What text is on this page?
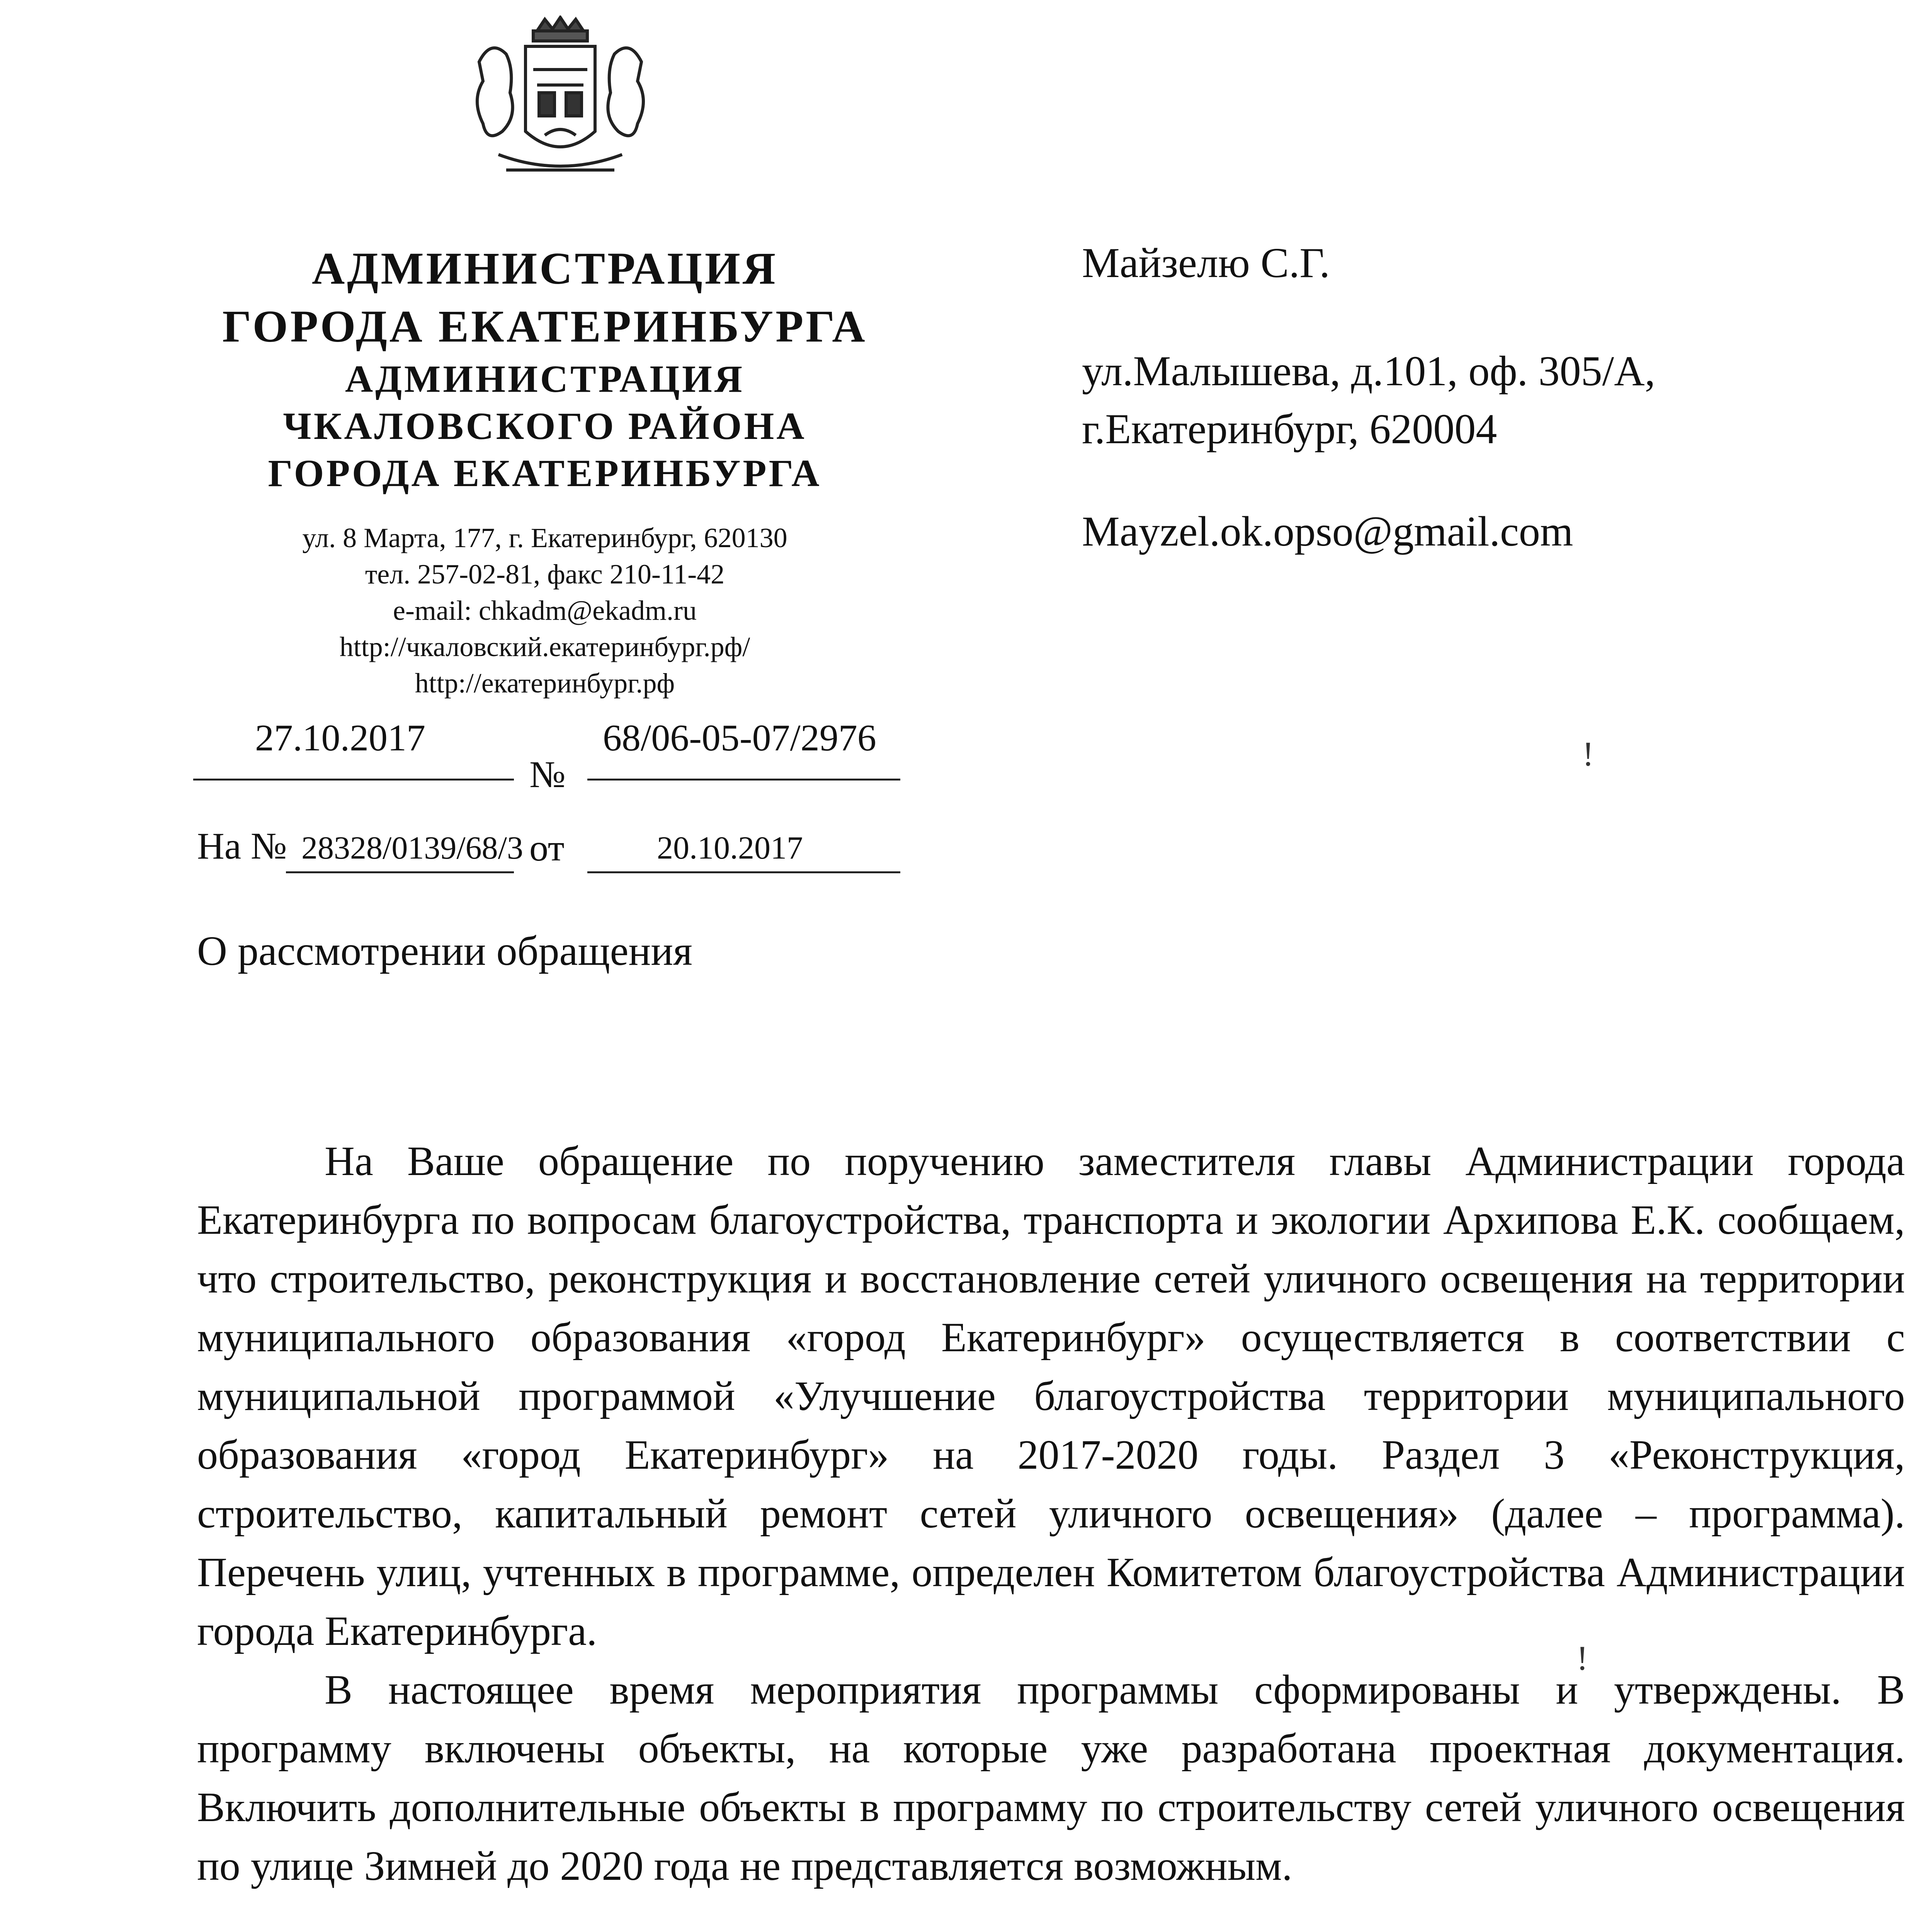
АДМИНИСТРАЦИЯ
ГОРОДА ЕКАТЕРИНБУРГА
АДМИНИСТРАЦИЯ
ЧКАЛОВСКОГО РАЙОНА
ГОРОДА ЕКАТЕРИНБУРГА
ул. 8 Марта, 177, г. Екатеринбург, 620130
тел. 257-02-81, факс 210-11-42
e-mail: chkadm@ekadm.ru
http://чкаловский.екатеринбург.рф/
http://екатеринбург.рф
Майзелю С.Г.
ул.Малышева, д.101, оф. 305/А,
г.Екатеринбург, 620004
Mayzel.ok.opso@gmail.com
27.10.2017
№
68/06-05-07/2976
На № 28328/0139/68/3 от	20.10.2017
!
О рассмотрении обращения

На Ваше обращение по поручению заместителя главы Администрации города Екатеринбурга по вопросам благоустройства, транспорта и экологии Архипова Е.К. сообщаем, что строительство, реконструкция и восстановление сетей уличного освещения на территории муниципального образования «город Екатеринбург» осуществляется в соответствии с муниципальной программой «Улучшение благоустройства территории муниципального образования «город Екатеринбург» на 2017-2020 годы. Раздел 3 «Реконструкция, строительство, капитальный ремонт сетей уличного освещения» (далее – программа). Перечень улиц, учтенных в программе, определен Комитетом благоустройства Администрации города Екатеринбурга.

В настоящее время мероприятия программы сформированы и утверждены. В программу включены объекты, на которые уже разработана проектная документация. Включить дополнительные объекты в программу по строительству сетей уличного освещения по улице Зимней до 2020 года не представляется возможным.

!
